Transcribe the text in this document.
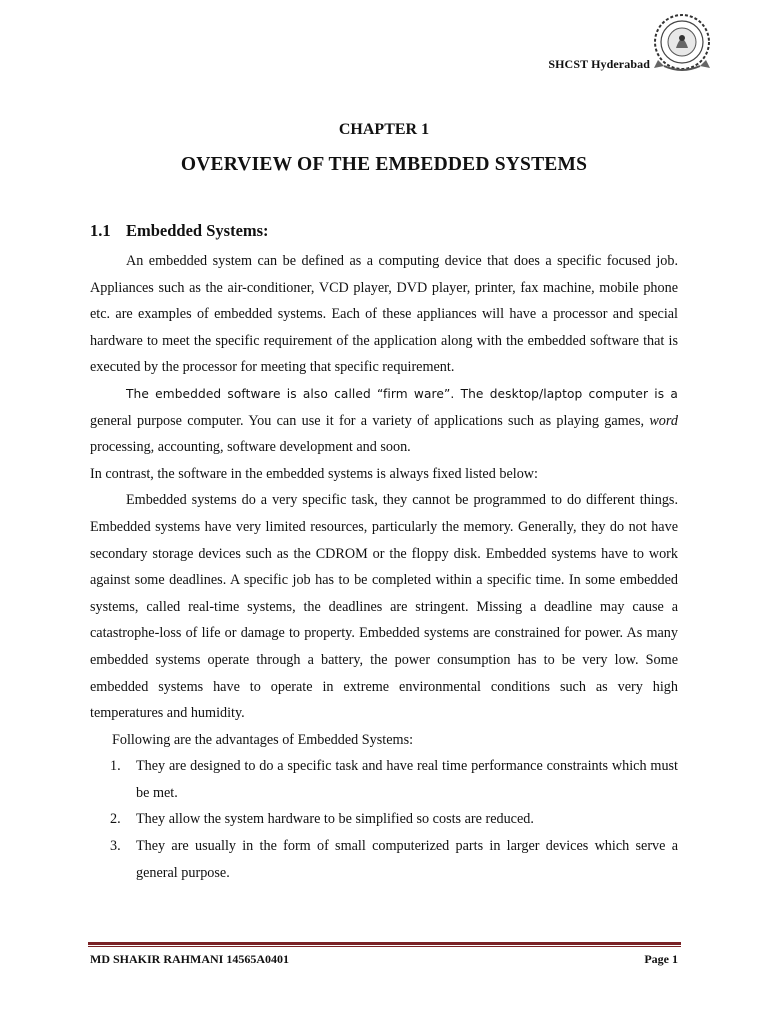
SHCST Hyderabad
CHAPTER 1
OVERVIEW OF THE EMBEDDED SYSTEMS
1.1 Embedded Systems:

An embedded system can be defined as a computing device that does a specific focused job. Appliances such as the air-conditioner, VCD player, DVD player, printer, fax machine, mobile phone etc. are examples of embedded systems. Each of these appliances will have a processor and special hardware to meet the specific requirement of the application along with the embedded software that is executed by the processor for meeting that specific requirement.

The embedded software is also called “firm ware”. The desktop/laptop computer is a general purpose computer. You can use it for a variety of applications such as playing games, word processing, accounting, software development and soon.

In contrast, the software in the embedded systems is always fixed listed below:

Embedded systems do a very specific task, they cannot be programmed to do different things. Embedded systems have very limited resources, particularly the memory. Generally, they do not have secondary storage devices such as the CDROM or the floppy disk. Embedded systems have to work against some deadlines. A specific job has to be completed within a specific time. In some embedded systems, called real-time systems, the deadlines are stringent. Missing a deadline may cause a catastrophe-loss of life or damage to property. Embedded systems are constrained for power. As many embedded systems operate through a battery, the power consumption has to be very low. Some embedded systems have to operate in extreme environmental conditions such as very high temperatures and humidity.

Following are the advantages of Embedded Systems:

1. They are designed to do a specific task and have real time performance constraints which must be met.
2. They allow the system hardware to be simplified so costs are reduced.
3. They are usually in the form of small computerized parts in larger devices which serve a general purpose.
MD SHAKIR RAHMANI 14565A0401	Page 1
